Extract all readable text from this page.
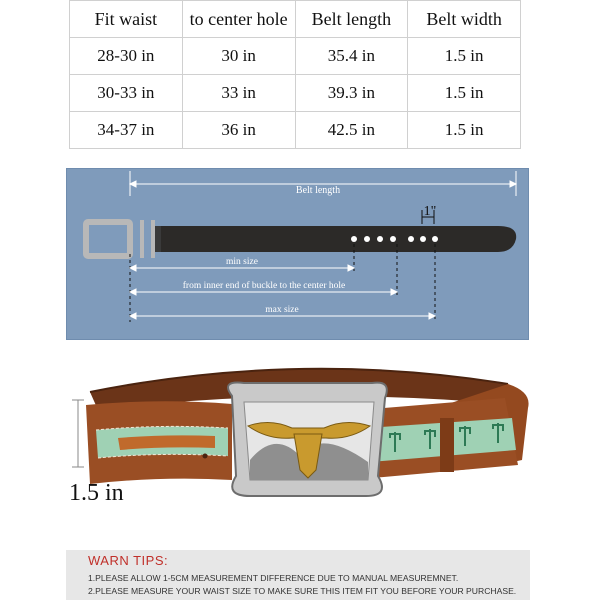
Fit waist	to center hole	Belt length	Belt width
28-30 in	30 in	35.4 in	1.5 in
30-33 in	33 in	39.3 in	1.5 in
34-37 in	36 in	42.5 in	1.5 in
Belt length
1"
min size
from inner end of buckle to the center hole
max size
1.5 in
WARN TIPS:
1.PLEASE ALLOW 1-5CM MEASUREMENT DIFFERENCE DUE TO MANUAL MEASUREMNET.
2.PLEASE MEASURE YOUR WAIST SIZE TO MAKE SURE THIS ITEM FIT YOU BEFORE YOUR PURCHASE.
